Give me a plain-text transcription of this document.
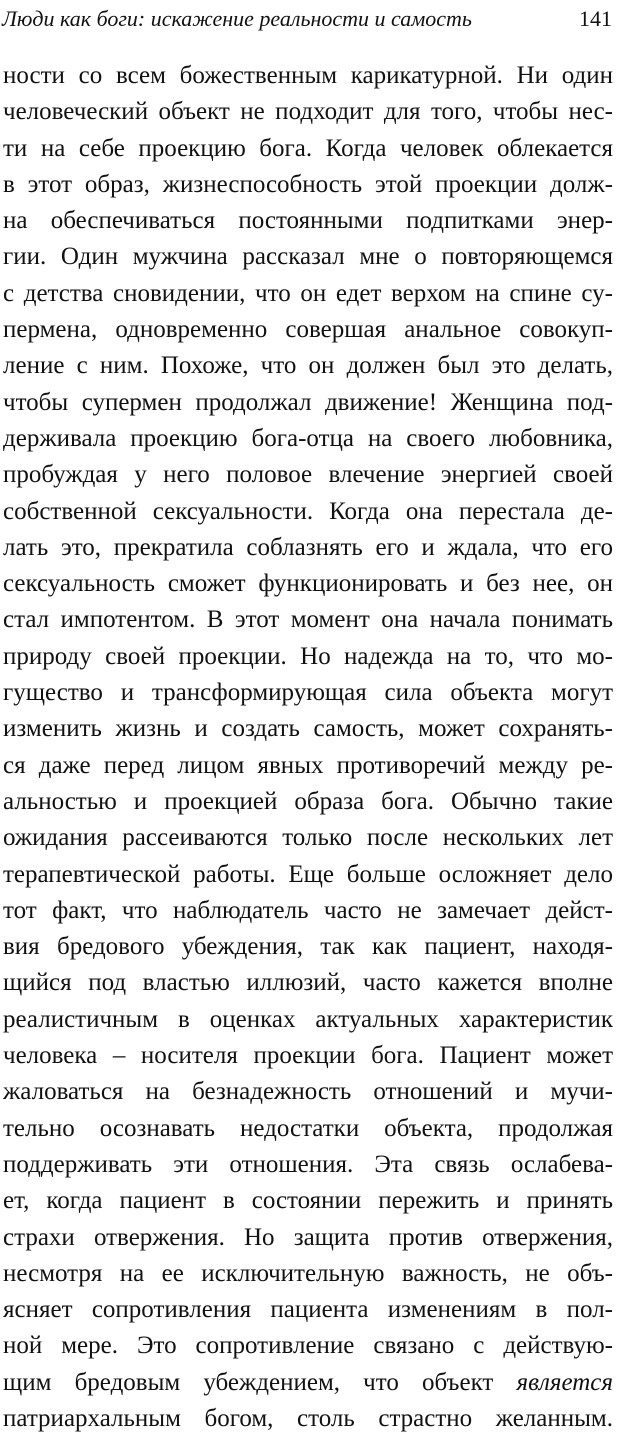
Люди как боги: искажение реальности и самость	141
ности со всем божественным карикатурной. Ни один
человеческий объект не подходит для того, чтобы нес-
ти на себе проекцию бога. Когда человек облекается
в этот образ, жизнеспособность этой проекции долж-
на обеспечиваться постоянными подпитками энер-
гии. Один мужчина рассказал мне о повторяющемся
с детства сновидении, что он едет верхом на спине су-
пермена, одновременно совершая анальное совокуп-
ление с ним. Похоже, что он должен был это делать,
чтобы супермен продолжал движение! Женщина под-
держивала проекцию бога-отца на своего любовника,
пробуждая у него половое влечение энергией своей
собственной сексуальности. Когда она перестала де-
лать это, прекратила соблазнять его и ждала, что его
сексуальность сможет функционировать и без нее, он
стал импотентом. В этот момент она начала понимать
природу своей проекции. Но надежда на то, что мо-
гущество и трансформирующая сила объекта могут
изменить жизнь и создать самость, может сохранять-
ся даже перед лицом явных противоречий между ре-
альностью и проекцией образа бога. Обычно такие
ожидания рассеиваются только после нескольких лет
терапевтической работы. Еще больше осложняет дело
тот факт, что наблюдатель часто не замечает дейст-
вия бредового убеждения, так как пациент, находя-
щийся под властью иллюзий, часто кажется вполне
реалистичным в оценках актуальных характеристик
человека – носителя проекции бога. Пациент может
жаловаться на безнадежность отношений и мучи-
тельно осознавать недостатки объекта, продолжая
поддерживать эти отношения. Эта связь ослабева-
ет, когда пациент в состоянии пережить и принять
страхи отвержения. Но защита против отвержения,
несмотря на ее исключительную важность, не объ-
ясняет сопротивления пациента изменениям в пол-
ной мере. Это сопротивление связано с действую-
щим бредовым убеждением, что объект является
патриархальным богом, столь страстно желанным.
